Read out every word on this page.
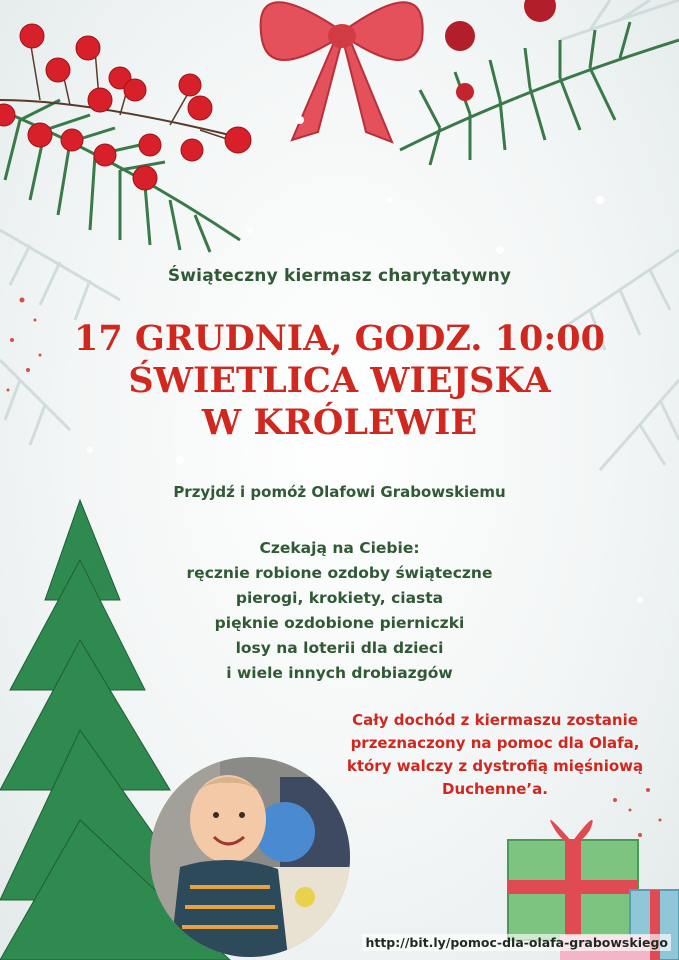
Świąteczny kiermasz charytatywny
17 GRUDNIA, GODZ. 10:00
ŚWIETLICA WIEJSKA
W KRÓLEWIE
Przyjdź i pomóż Olafowi Grabowskiemu
Czekają na Ciebie:
ręcznie robione ozdoby świąteczne
pierogi, krokiety, ciasta
pięknie ozdobione pierniczki
losy na loterii dla dzieci
i wiele innych drobiazgów
Cały dochód z kiermaszu zostanie
przeznaczony na pomoc dla Olafa,
który walczy z dystrofią mięśniową
Duchenne’a.
http://bit.ly/pomoc-dla-olafa-grabowskiego
